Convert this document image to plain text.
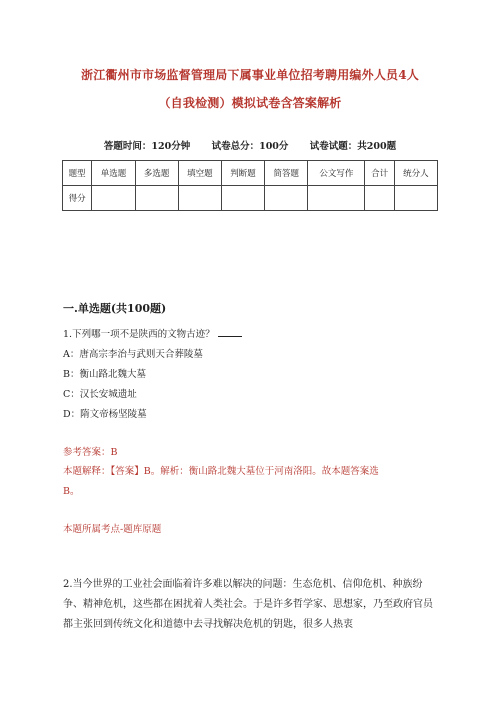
浙江衢州市市场监督管理局下属事业单位招考聘用编外人员4人
（自我检测）模拟试卷含答案解析
答题时间：120分钟 试卷总分：100分 试卷试题：共200题
题型	单选题	多选题	填空题	判断题	简答题	公文写作	合计	统分人
得分								
一.单选题(共100题)
1.下列哪一项不是陕西的文物古迹？
A：唐高宗李治与武则天合葬陵墓
B：衡山路北魏大墓
C：汉长安城遗址
D：隋文帝杨坚陵墓
参考答案：B
本题解释：【答案】B。解析：衡山路北魏大墓位于河南洛阳。故本题答案选
B。
本题所属考点-题库原题
2.当今世界的工业社会面临着许多难以解决的问题：生态危机、信仰危机、种族纷争、精神危机，这些都在困扰着人类社会。于是许多哲学家、思想家，乃至政府官员都主张回到传统文化和道德中去寻找解决危机的钥匙，很多人热衷
